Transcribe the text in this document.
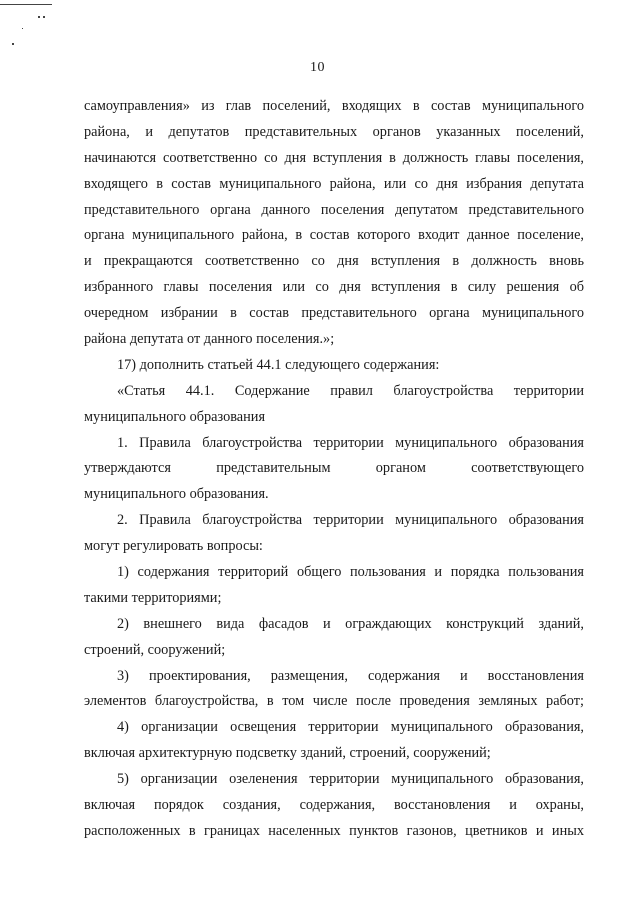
10
самоуправления» из глав поселений, входящих в состав муниципального
района, и депутатов представительных органов указанных поселений,
начинаются соответственно со дня вступления в должность главы поселения,
входящего в состав муниципального района, или со дня избрания депутата
представительного органа данного поселения депутатом представительного
органа муниципального района, в состав которого входит данное поселение,
и прекращаются соответственно со дня вступления в должность вновь
избранного главы поселения или со дня вступления в силу решения об
очередном избрании в состав представительного органа муниципального
района депутата от данного поселения.»;
17) дополнить статьей 44.1 следующего содержания:
«Статья 44.1. Содержание правил благоустройства территории
муниципального образования
1. Правила благоустройства территории муниципального образования
утверждаются представительным органом соответствующего
муниципального образования.
2. Правила благоустройства территории муниципального образования
могут регулировать вопросы:
1) содержания территорий общего пользования и порядка пользования
такими территориями;
2) внешнего вида фасадов и ограждающих конструкций зданий,
строений, сооружений;
3) проектирования, размещения, содержания и восстановления
элементов благоустройства, в том числе после проведения земляных работ;
4) организации освещения территории муниципального образования,
включая архитектурную подсветку зданий, строений, сооружений;
5) организации озеленения территории муниципального образования,
включая порядок создания, содержания, восстановления и охраны,
расположенных в границах населенных пунктов газонов, цветников и иных
